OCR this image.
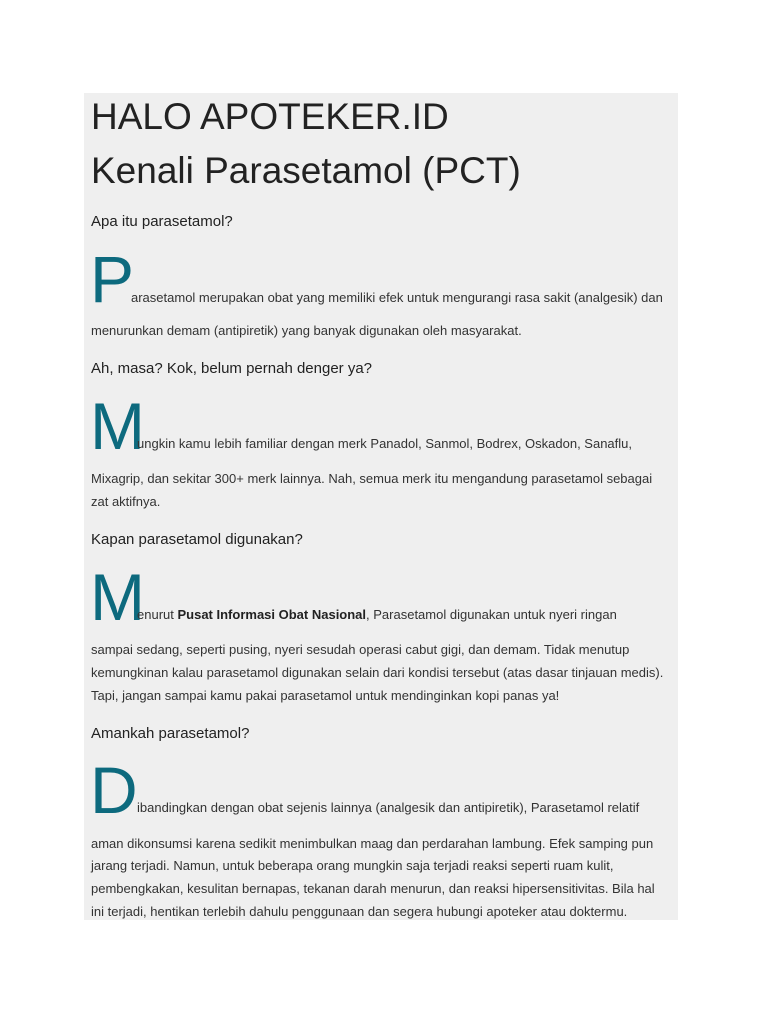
HALO APOTEKER.ID
Kenali Parasetamol (PCT)
Apa itu parasetamol?
P
arasetamol merupakan obat yang memiliki efek untuk mengurangi rasa sakit (analgesik) dan
menurunkan demam (antipiretik) yang banyak digunakan oleh masyarakat.
Ah, masa? Kok, belum pernah denger ya?
M
ungkin kamu lebih familiar dengan merk Panadol, Sanmol, Bodrex, Oskadon, Sanaflu,
Mixagrip, dan sekitar 300+ merk lainnya. Nah, semua merk itu mengandung parasetamol sebagai
zat aktifnya.
Kapan parasetamol digunakan?
M
enurut Pusat Informasi Obat Nasional, Parasetamol digunakan untuk nyeri ringan
sampai sedang, seperti pusing, nyeri sesudah operasi cabut gigi, dan demam. Tidak menutup
kemungkinan kalau parasetamol digunakan selain dari kondisi tersebut (atas dasar tinjauan medis).
Tapi, jangan sampai kamu pakai parasetamol untuk mendinginkan kopi panas ya!
Amankah parasetamol?
D ibandingkan dengan obat sejenis lainnya (analgesik dan antipiretik), Parasetamol relatif
aman dikonsumsi karena sedikit menimbulkan maag dan perdarahan lambung. Efek samping pun
jarang terjadi. Namun, untuk beberapa orang mungkin saja terjadi reaksi seperti ruam kulit,
pembengkakan, kesulitan bernapas, tekanan darah menurun, dan reaksi hipersensitivitas. Bila hal
ini terjadi, hentikan terlebih dahulu penggunaan dan segera hubungi apoteker atau doktermu.
